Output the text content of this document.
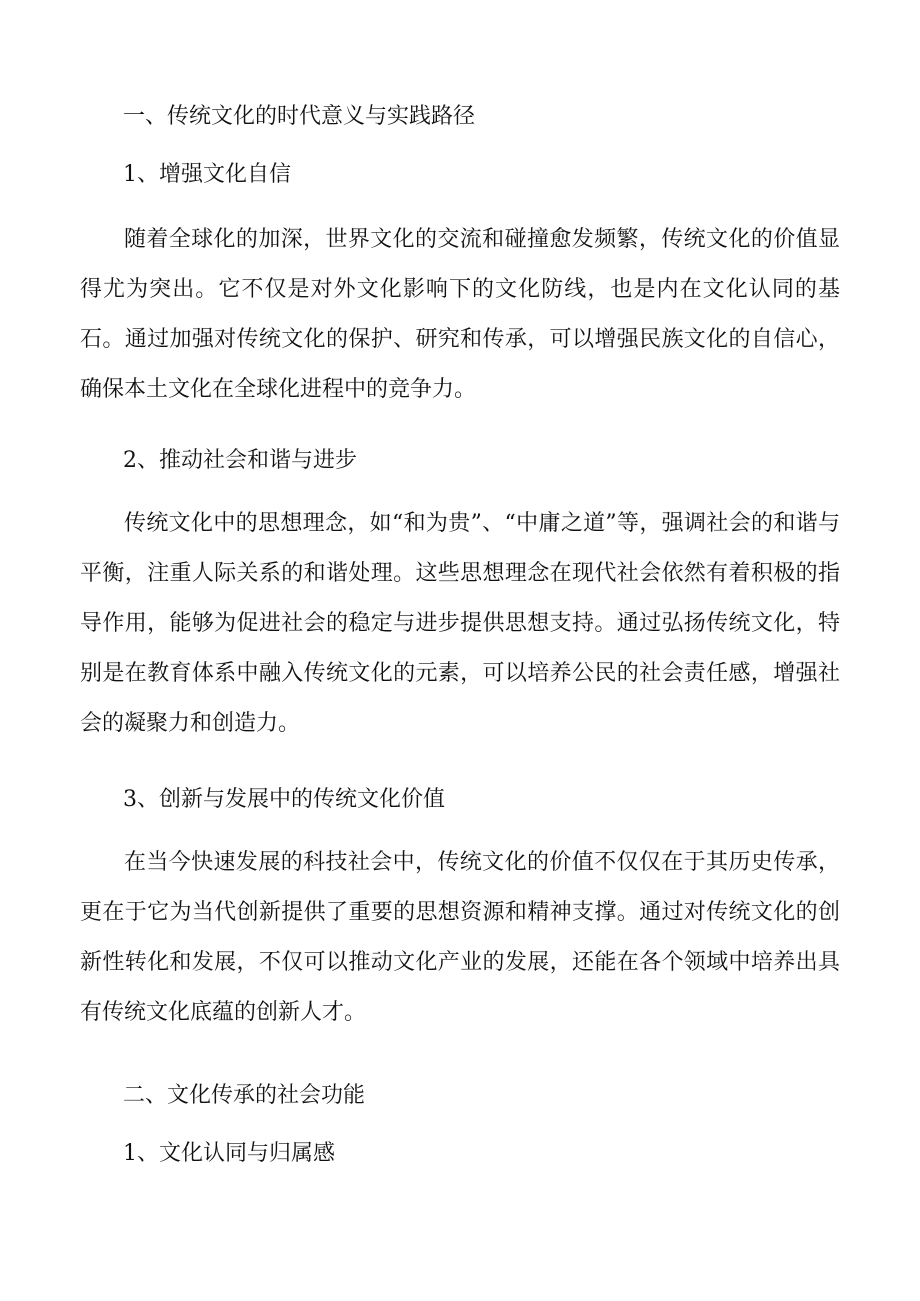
一、传统文化的时代意义与实践路径
1、增强文化自信
随着全球化的加深，世界文化的交流和碰撞愈发频繁，传统文化的价值显得尤为突出。它不仅是对外文化影响下的文化防线，也是内在文化认同的基石。通过加强对传统文化的保护、研究和传承，可以增强民族文化的自信心，确保本土文化在全球化进程中的竞争力。
2、推动社会和谐与进步
传统文化中的思想理念，如“和为贵”、“中庸之道”等，强调社会的和谐与平衡，注重人际关系的和谐处理。这些思想理念在现代社会依然有着积极的指导作用，能够为促进社会的稳定与进步提供思想支持。通过弘扬传统文化，特别是在教育体系中融入传统文化的元素，可以培养公民的社会责任感，增强社会的凝聚力和创造力。
3、创新与发展中的传统文化价值
在当今快速发展的科技社会中，传统文化的价值不仅仅在于其历史传承，更在于它为当代创新提供了重要的思想资源和精神支撑。通过对传统文化的创新性转化和发展，不仅可以推动文化产业的发展，还能在各个领域中培养出具有传统文化底蕴的创新人才。
二、文化传承的社会功能
1、文化认同与归属感
